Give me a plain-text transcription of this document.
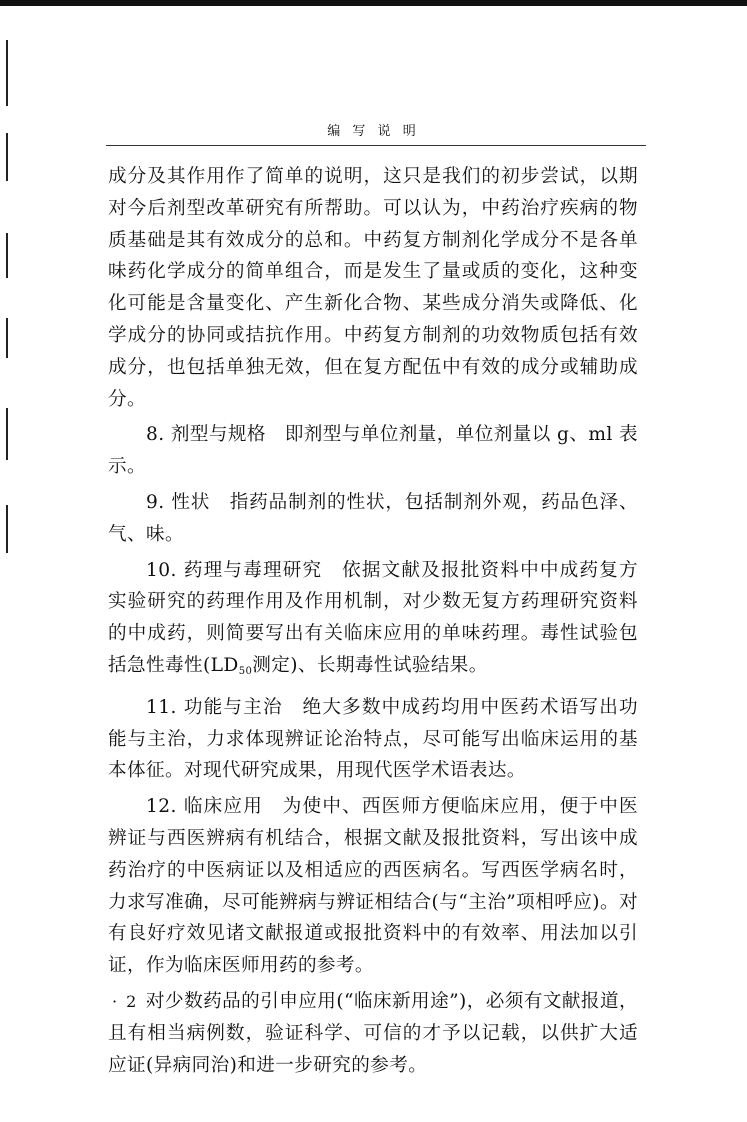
编 写 说 明

成分及其作用作了简单的说明，这只是我们的初步尝试，以期对今后剂型改革研究有所帮助。可以认为，中药治疗疾病的物质基础是其有效成分的总和。中药复方制剂化学成分不是各单味药化学成分的简单组合，而是发生了量或质的变化，这种变化可能是含量变化、产生新化合物、某些成分消失或降低、化学成分的协同或拮抗作用。中药复方制剂的功效物质包括有效成分，也包括单独无效，但在复方配伍中有效的成分或辅助成分。

8. 剂型与规格　即剂型与单位剂量，单位剂量以 g、ml 表示。

9. 性状　指药品制剂的性状，包括制剂外观，药品色泽、气、味。

10. 药理与毒理研究　依据文献及报批资料中中成药复方实验研究的药理作用及作用机制，对少数无复方药理研究资料的中成药，则简要写出有关临床应用的单味药理。毒性试验包括急性毒性($LD_{50}$测定)、长期毒性试验结果。

11. 功能与主治　绝大多数中成药均用中医药术语写出功能与主治，力求体现辨证论治特点，尽可能写出临床运用的基本体征。对现代研究成果，用现代医学术语表达。

12. 临床应用　为使中、西医师方便临床应用，便于中医辨证与西医辨病有机结合，根据文献及报批资料，写出该中成药治疗的中医病证以及相适应的西医病名。写西医学病名时，力求写准确，尽可能辨病与辨证相结合(与“主治”项相呼应)。对有良好疗效见诸文献报道或报批资料中的有效率、用法加以引证，作为临床医师用药的参考。

对少数药品的引申应用(“临床新用途”)，必须有文献报道，且有相当病例数，验证科学、可信的才予以记载，以供扩大适应证(异病同治)和进一步研究的参考。

· 2 ·
